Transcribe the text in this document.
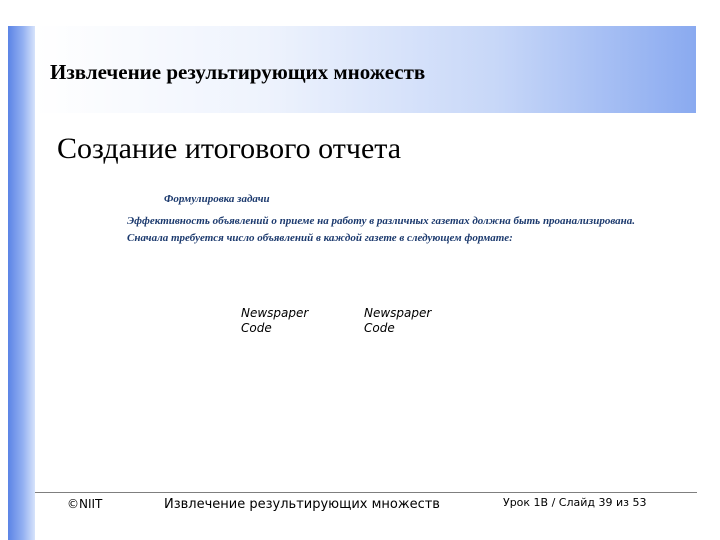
Извлечение результирующих множеств
Создание итогового отчета
Формулировка задачи

Эффективность объявлений о приеме на работу в различных газетах должна быть проанализирована. Сначала требуется число объявлений в каждой газете в следующем формате:

Newspaper
Code
Newspaper
Code
©NIIT	Извлечение результирующих множеств	Урок 1B / Слайд 39 из 53
